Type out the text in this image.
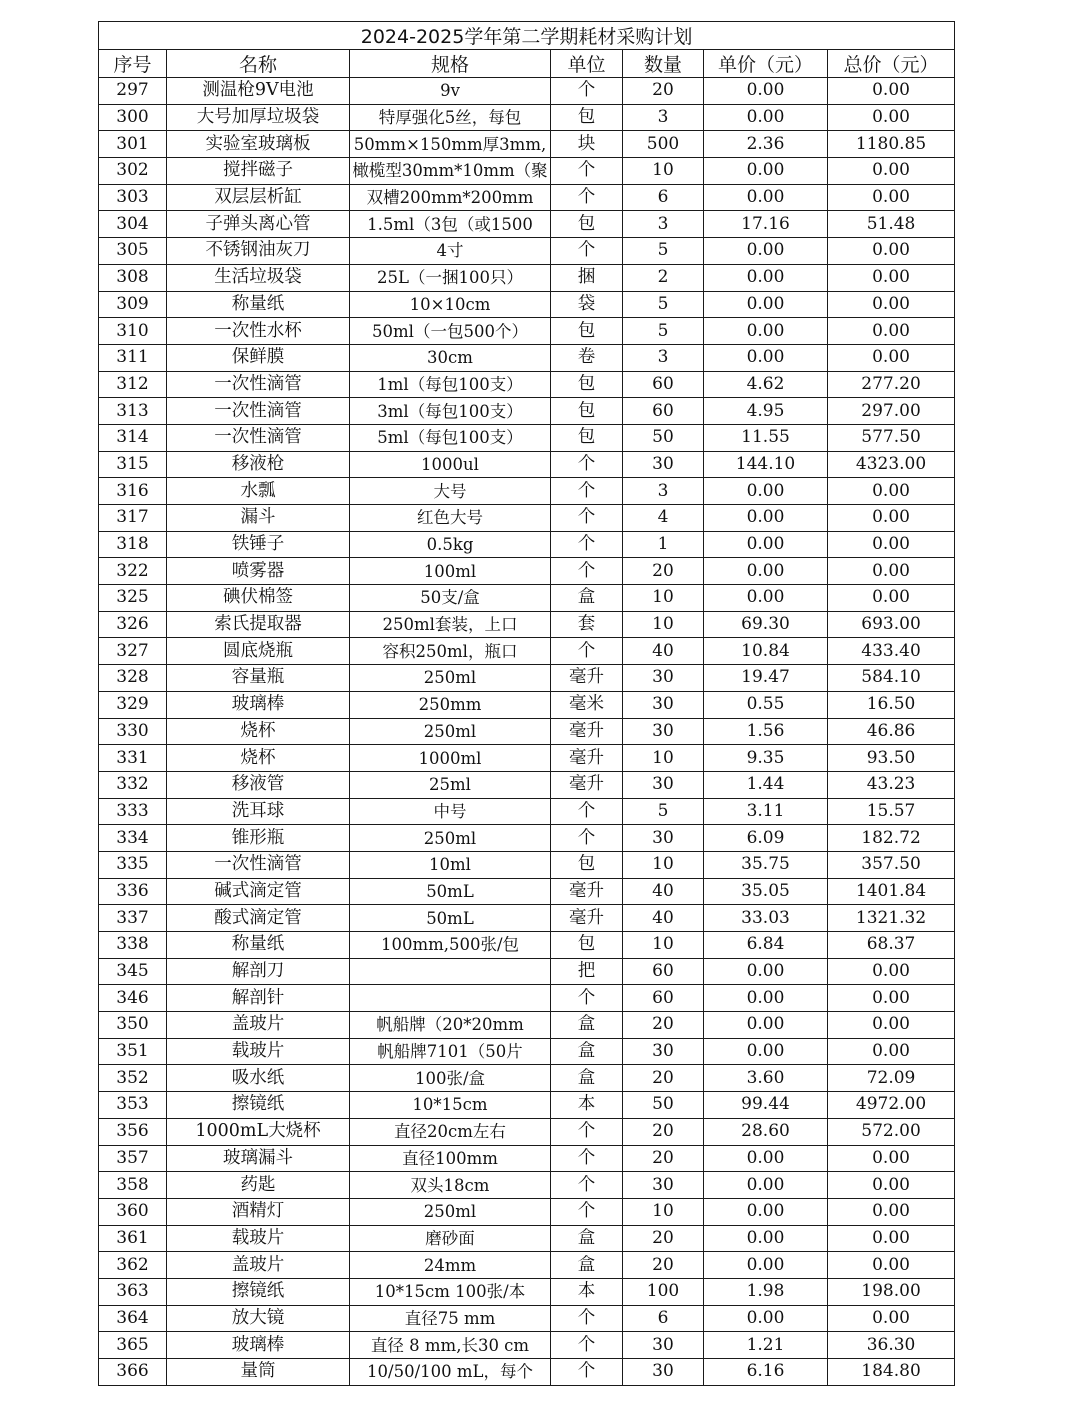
2024-2025学年第二学期耗材采购计划						
序号	名称	规格	单位	数量	单价（元）	总价（元）
297	测温枪9V电池	9v	个	20	0.00	0.00
300	大号加厚垃圾袋	特厚强化5丝，每包	包	3	0.00	0.00
301	实验室玻璃板	50mm×150mm厚3mm,	块	500	2.36	1180.85
302	搅拌磁子	橄榄型30mm*10mm（聚	个	10	0.00	0.00
303	双层层析缸	双槽200mm*200mm	个	6	0.00	0.00
304	子弹头离心管	1.5ml（3包（或1500	包	3	17.16	51.48
305	不锈钢油灰刀	4寸	个	5	0.00	0.00
308	生活垃圾袋	25L（一捆100只）	捆	2	0.00	0.00
309	称量纸	10×10cm	袋	5	0.00	0.00
310	一次性水杯	50ml（一包500个）	包	5	0.00	0.00
311	保鲜膜	30cm	卷	3	0.00	0.00
312	一次性滴管	1ml（每包100支）	包	60	4.62	277.20
313	一次性滴管	3ml（每包100支）	包	60	4.95	297.00
314	一次性滴管	5ml（每包100支）	包	50	11.55	577.50
315	移液枪	1000ul	个	30	144.10	4323.00
316	水瓢	大号	个	3	0.00	0.00
317	漏斗	红色大号	个	4	0.00	0.00
318	铁锤子	0.5kg	个	1	0.00	0.00
322	喷雾器	100ml	个	20	0.00	0.00
325	碘伏棉签	50支/盒	盒	10	0.00	0.00
326	索氏提取器	250ml套装，上口	套	10	69.30	693.00
327	圆底烧瓶	容积250ml，瓶口	个	40	10.84	433.40
328	容量瓶	250ml	毫升	30	19.47	584.10
329	玻璃棒	250mm	毫米	30	0.55	16.50
330	烧杯	250ml	毫升	30	1.56	46.86
331	烧杯	1000ml	毫升	10	9.35	93.50
332	移液管	25ml	毫升	30	1.44	43.23
333	洗耳球	中号	个	5	3.11	15.57
334	锥形瓶	250ml	个	30	6.09	182.72
335	一次性滴管	10ml	包	10	35.75	357.50
336	碱式滴定管	50mL	毫升	40	35.05	1401.84
337	酸式滴定管	50mL	毫升	40	33.03	1321.32
338	称量纸	100mm,500张/包	包	10	6.84	68.37
345	解剖刀		把	60	0.00	0.00
346	解剖针		个	60	0.00	0.00
350	盖玻片	帆船牌（20*20mm	盒	20	0.00	0.00
351	载玻片	帆船牌7101（50片	盒	30	0.00	0.00
352	吸水纸	100张/盒	盒	20	3.60	72.09
353	擦镜纸	10*15cm	本	50	99.44	4972.00
356	1000mL大烧杯	直径20cm左右	个	20	28.60	572.00
357	玻璃漏斗	直径100mm	个	20	0.00	0.00
358	药匙	双头18cm	个	30	0.00	0.00
360	酒精灯	250ml	个	10	0.00	0.00
361	载玻片	磨砂面	盒	20	0.00	0.00
362	盖玻片	24mm	盒	20	0.00	0.00
363	擦镜纸	10*15cm 100张/本	本	100	1.98	198.00
364	放大镜	直径75 mm	个	6	0.00	0.00
365	玻璃棒	直径 8 mm,长30 cm	个	30	1.21	36.30
366	量筒	10/50/100 mL，每个	个	30	6.16	184.80
